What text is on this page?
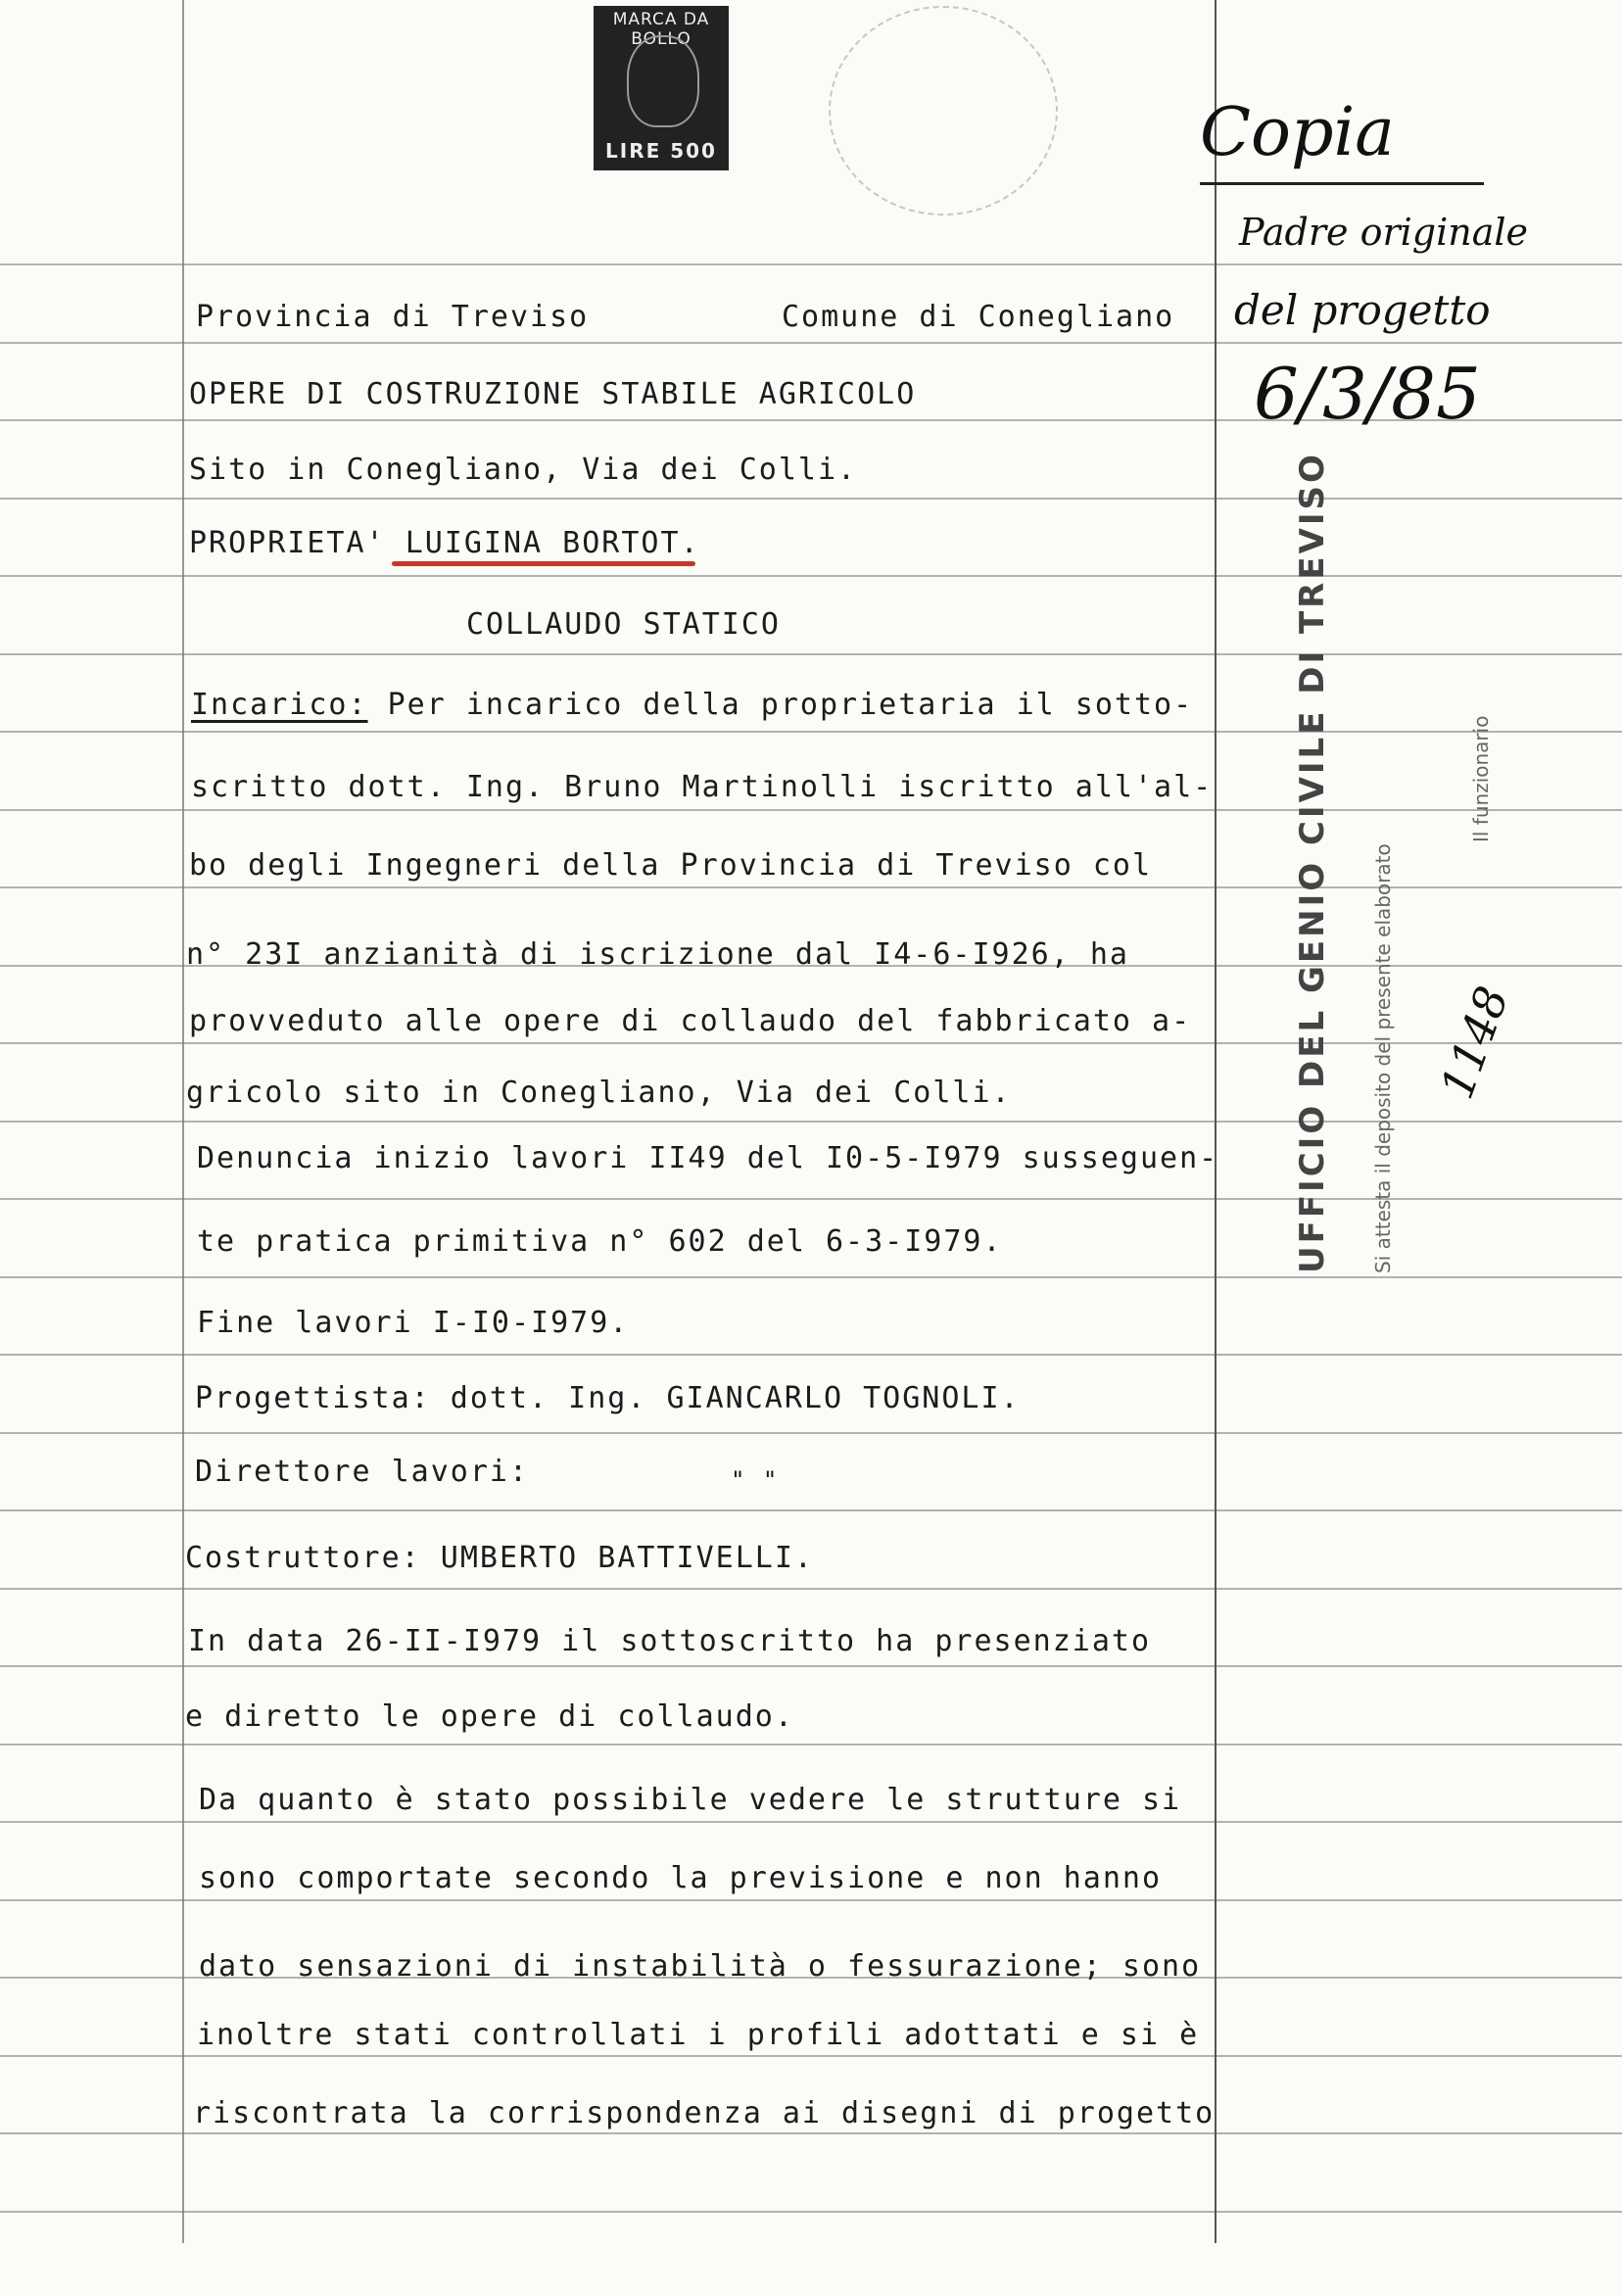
MARCA DA BOLLO
LIRE 500
Provincia di Treviso	Comune di Conegliano
OPERE DI COSTRUZIONE STABILE AGRICOLO
Sito in Conegliano, Via dei Colli.
PROPRIETA' LUIGINA BORTOT.
COLLAUDO STATICO
Incarico: Per incarico della proprietaria il sotto-
scritto dott. Ing. Bruno Martinolli iscritto all'al-
bo degli Ingegneri della Provincia di Treviso col
n° 23I anzianità di iscrizione dal I4-6-I926, ha
provveduto alle opere di collaudo del fabbricato a-
gricolo sito in Conegliano, Via dei Colli.
Denuncia inizio lavori II49 del I0-5-I979 susseguen-
te pratica primitiva n° 602 del 6-3-I979.
Fine lavori I-I0-I979.
Progettista: dott. Ing. GIANCARLO TOGNOLI.
Direttore lavori:	" "
Costruttore: UMBERTO BATTIVELLI.
In data 26-II-I979 il sottoscritto ha presenziato
e diretto le opere di collaudo.
Da quanto è stato possibile vedere le strutture si
sono comportate secondo la previsione e non hanno
dato sensazioni di instabilità o fessurazione; sono
inoltre stati controllati i profili adottati e si è
riscontrata la corrispondenza ai disegni di progetto
Copia
Padre originale
del progetto
6/3/85
1148
UFFICIO DEL GENIO CIVILE DI TREVISO Si attesta il deposito del presente elaborato
Il funzionario
